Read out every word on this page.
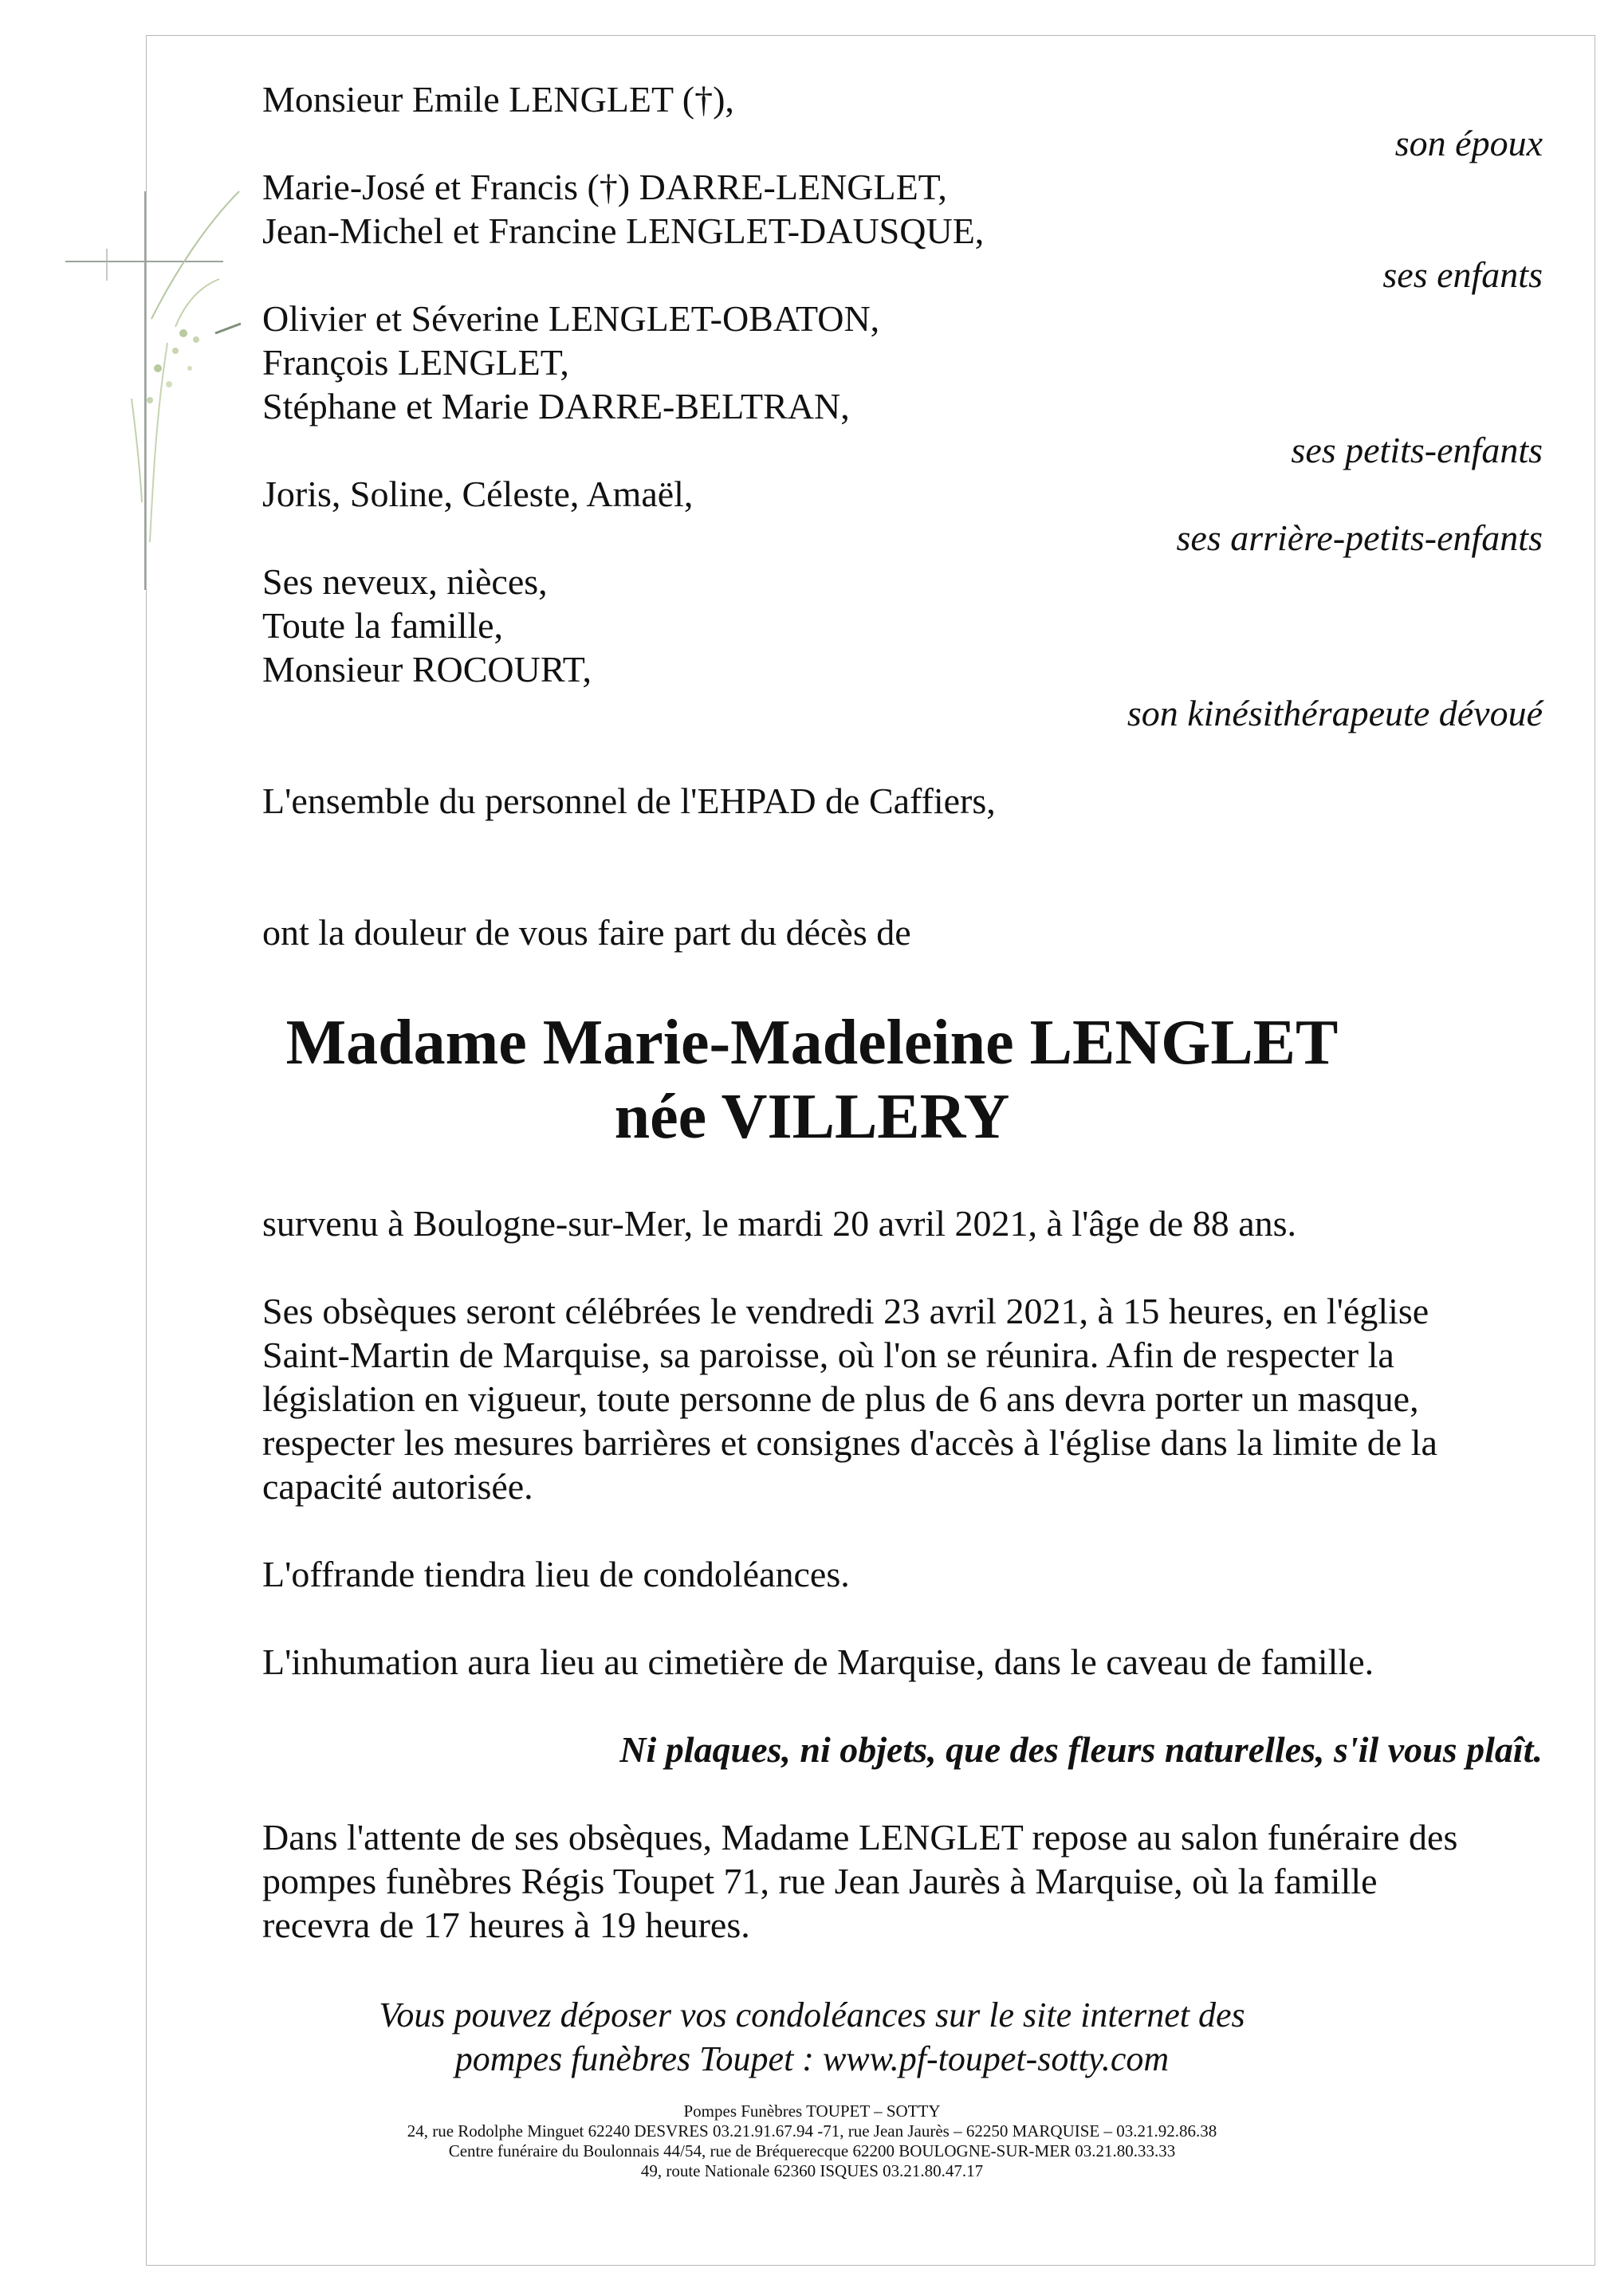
Monsieur Emile LENGLET (†),
son époux
Marie-José et Francis (†) DARRE-LENGLET,
Jean-Michel et Francine LENGLET-DAUSQUE,
ses enfants
Olivier et Séverine LENGLET-OBATON,
François LENGLET,
Stéphane et Marie DARRE-BELTRAN,
ses petits-enfants
Joris, Soline, Céleste, Amaël,
ses arrière-petits-enfants
Ses neveux, nièces,
Toute la famille,
Monsieur ROCOURT,
son kinésithérapeute dévoué
L'ensemble du personnel de l'EHPAD de Caffiers,
ont la douleur de vous faire part du décès de
Madame Marie-Madeleine LENGLET
née VILLERY
survenu à Boulogne-sur-Mer, le mardi 20 avril 2021, à l'âge de 88 ans.
Ses obsèques seront célébrées le vendredi 23 avril 2021, à 15 heures, en l'église
Saint-Martin de Marquise, sa paroisse, où l'on se réunira. Afin de respecter la
législation en vigueur, toute personne de plus de 6 ans devra porter un masque,
respecter les mesures barrières et consignes d'accès à l'église dans la limite de la
capacité autorisée.
L'offrande tiendra lieu de condoléances.
L'inhumation aura lieu au cimetière de Marquise, dans le caveau de famille.
Ni plaques, ni objets, que des fleurs naturelles, s'il vous plaît.
Dans l'attente de ses obsèques, Madame LENGLET repose au salon funéraire des
pompes funèbres Régis Toupet 71, rue Jean Jaurès à Marquise, où la famille
recevra de 17 heures à 19 heures.
Vous pouvez déposer vos condoléances sur le site internet des
pompes funèbres Toupet : www.pf-toupet-sotty.com
Pompes Funèbres TOUPET – SOTTY
24, rue Rodolphe Minguet 62240 DESVRES 03.21.91.67.94 -71, rue Jean Jaurès – 62250 MARQUISE – 03.21.92.86.38
Centre funéraire du Boulonnais 44/54, rue de Bréquerecque 62200 BOULOGNE-SUR-MER 03.21.80.33.33
49, route Nationale 62360 ISQUES 03.21.80.47.17
